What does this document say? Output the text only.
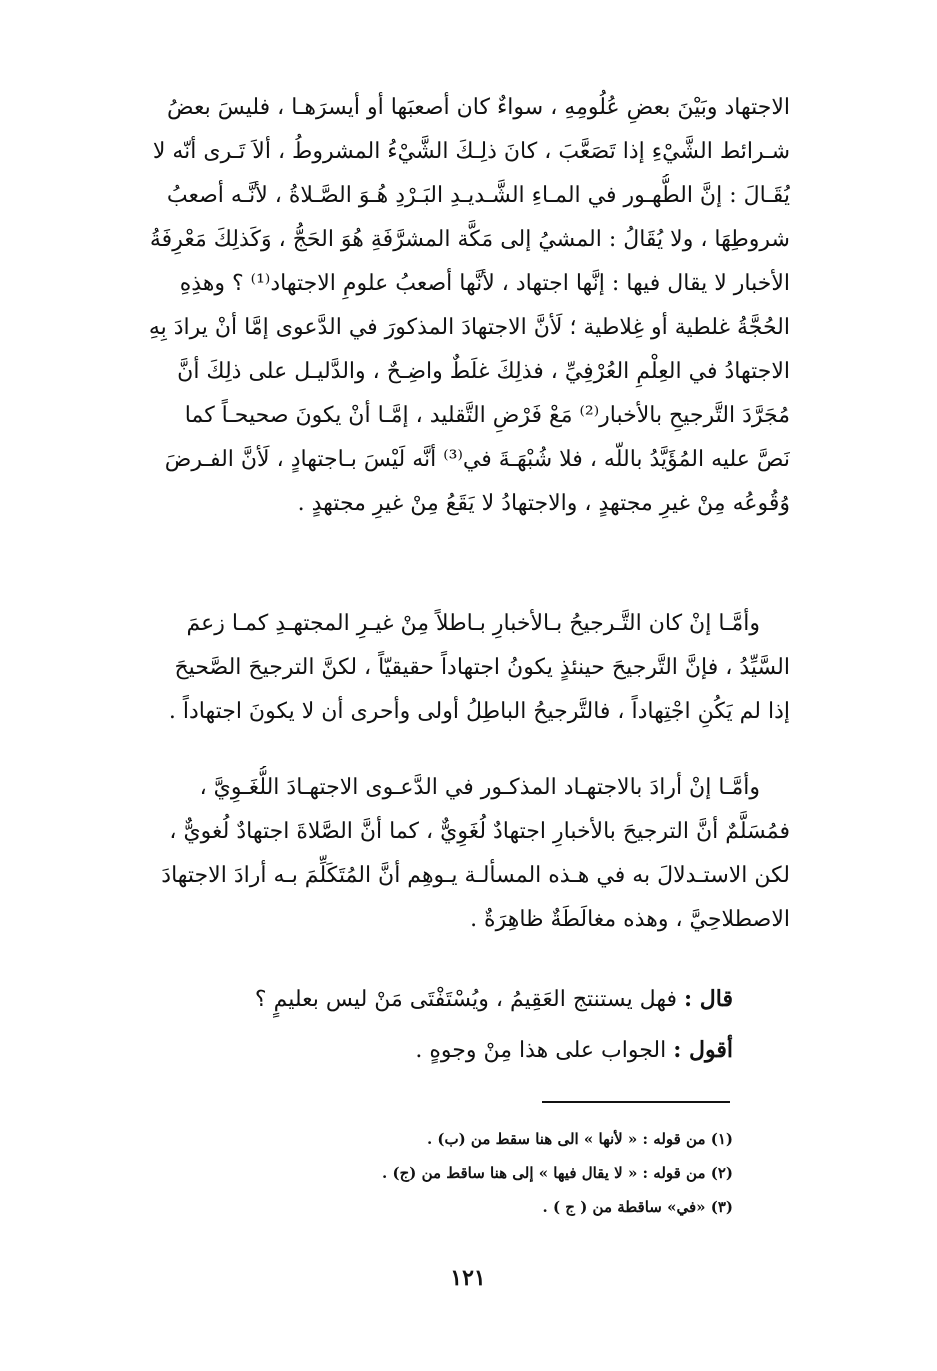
الاجتهاد وبَيْنَ بعضِ عُلُومِهِ ، سواءٌ كان أصعبَها أو أيسرَهـا ، فليسَ بعضُ
شـرائط الشَّيْءِ إذا تَصَعَّبَ ، كانَ ذلِـكَ الشَّيْءُ المشروطُ ، ألاَ تَـرى أنّه لا
يُقَـالَ : إنَّ الطُّهـور في المـاءِ الشَّـديـدِ البَـرْدِ هُـوَ الصَّـلاةُ ، لأنَّـه أصعبُ
شروطِهَا ، ولا يُقَالُ : المشيُ إلى مَكَّة المشرَّفَةِ هُوَ الحَجُّ ، وَكَذلِكَ مَعْرِفَةُ
الأخبار لا يقال فيها : إنَّها اجتهاد ، لأنَّها أصعبُ علومِ الاجتهاد⁽¹⁾ ؟ وهذِهِ
الحُجَّةُ غلطية أو غِلاطية ؛ لَأنَّ الاجتهادَ المذكورَ في الدَّعوى إمَّا أنْ يرادَ بِهِ
الاجتهادُ في العِلْمِ العُرْفِيِّ ، فذلِكَ غلَطٌ واضِـحٌ ، والدَّليـل على ذلِكَ أنَّ
مُجَرَّدَ التَّرجيحِ بالأخبار⁽²⁾ مَعْ فَرْضِ التَّقليد ، إمَّـا أنْ يكونَ صحيحـاً كما
نَصَّ عليه المُؤَيَّدُ باللّه ، فلا شُبْهَـةَ في⁽³⁾ أنَّه لَيْسَ بـاجتهادٍ ، لَأنَّ الفـرضَ
وُقُوعُه مِنْ غيرِ مجتهدٍ ، والاجتهادُ لا يَقَعُ مِنْ غيرِ مجتهدٍ .
وأمَّـا إنْ كان التَّـرجيحُ بـالأخبارِ بـاطلاً مِنْ غيـرِ المجتهـدِ كمـا زعمَ
السَّيِّدُ ، فإنَّ التَّرجيحَ حينئذٍ يكونُ اجتهاداً حقيقيّاً ، لكنَّ الترجيحَ الصَّحيحَ
إذا لم يَكُنِ اجْتِهاداً ، فالتَّرجيحُ الباطِلُ أولى وأحرى أن لا يكونَ اجتهاداً .
وأمَّـا إنْ أرادَ بالاجتهـاد المذكـور في الدَّعـوى الاجتهـادَ اللُّغَـوِيَّ ،
فمُسَلَّمٌ أنَّ الترجيحَ بالأخبارِ اجتهادٌ لُغَوِيٌّ ، كما أنَّ الصَّلاةَ اجتهادٌ لُغويٌّ ،
لكن الاستـدلالَ به في هـذه المسألـة يـوهِم أنَّ المُتَكَلِّمَ بـه أرادَ الاجتهادَ
الاصطلاحِيَّ ، وهذه مغالَطَةٌ ظاهِرَةٌ .
قال : فهل يستنتج العَقِيمُ ، ويُسْتَفْتَى مَنْ ليس بعليمٍ ؟
أقول : الجواب على هذا مِنْ وجوهٍ .
(١) من قوله : « لأنها » الى هنا سقط من (ب) .
(٢) من قوله : « لا يقال فيها » إلى هنا ساقط من (ج) .
(٣) «في» ساقطة من ( ج ) .
١٢١
